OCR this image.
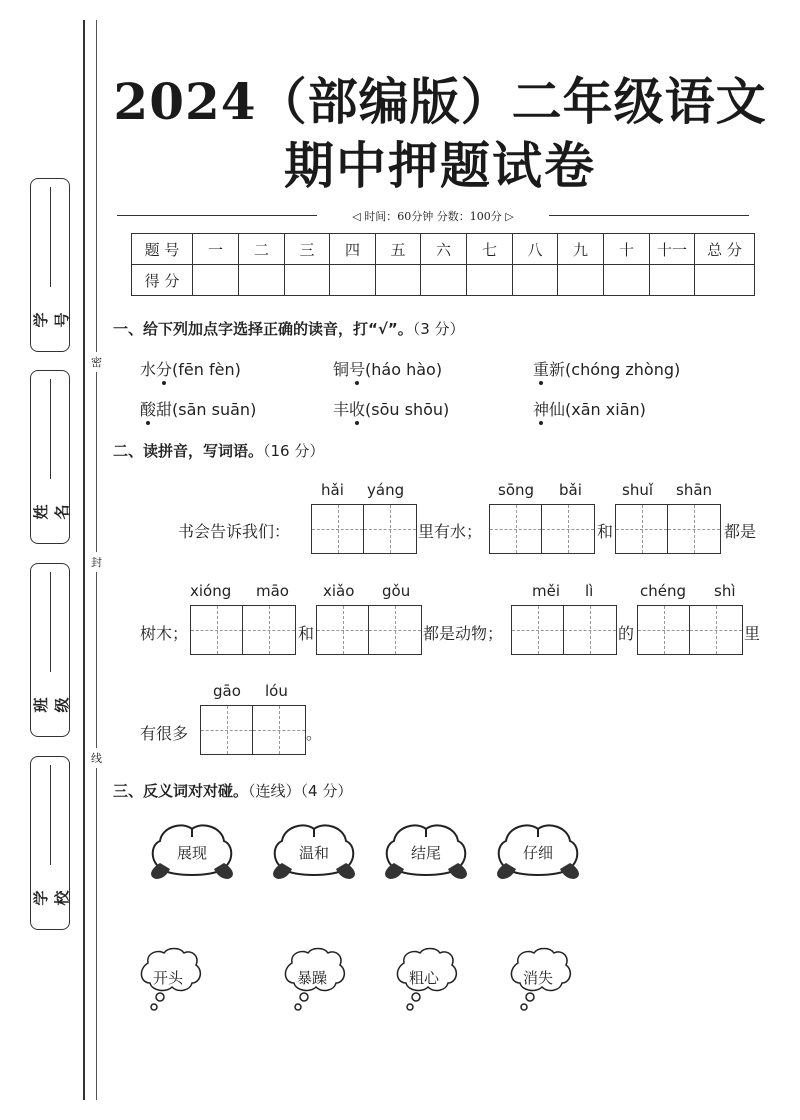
学 号
姓 名
班 级
学 校
密
封
线
2024（部编版）二年级语文
期中押题试卷
◁ 时间：60分钟 分数：100分 ▷
题 号	一	二	三	四	五	六	七	八	九	十	十一	总 分
得 分												
一、给下列加点字选择正确的读音，打“√”。（3 分）
水分(fēn fèn)	铜号(háo hào)	重新(chóng zhòng)
酸甜(sān suān)	丰收(sōu shōu)	神仙(xān xiān)
二、读拼音，写词语。（16 分）
hǎi yáng	sōng bǎi	shuǐ shān
书会告诉我们：	里有水；	和	都是
xióng māo xiǎo gǒu	měi lì	chéng shì
树木；	和	都是动物；	的	里
gāo lóu
有很多	。
三、反义词对对碰。（连线）（4 分）
展现	温和	结尾	仔细
开头	暴躁	粗心	消失
